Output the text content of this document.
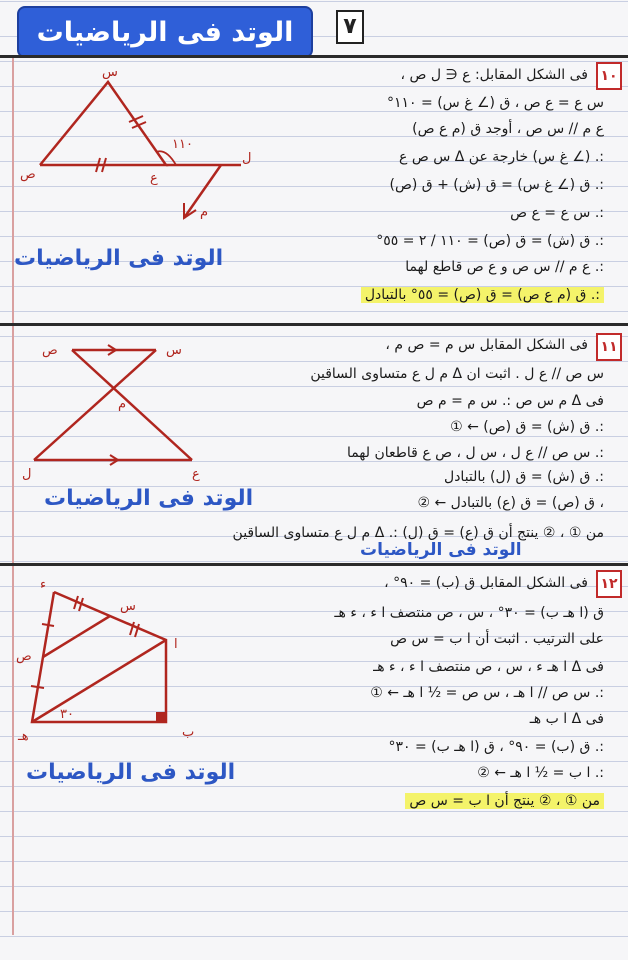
الوتد فى الرياضيات	٧
١٠
فى الشكل المقابل: ع ∈ ل ص ،
س ع = ع ص ، ق (∠ غ س) = ١١٠°
ع م // س ص ، أوجد ق (م ع ص)
:. (∠ غ س) خارجة عن Δ س ص ع
:. ق (∠ غ س) = ق (ش) + ق (ص)
:. س ع = ع ص
:. ق (ش) = ق (ص) = ١١٠ / ٢ = ٥٥°
:. ع م // س ص و ع ص قاطع لهما
:. ق (م ع ص) = ق (ص) = ٥٥° بالتبادل
س
ص	ع
ل
م
١١٠
الوتد فى الرياضيات
١١
فى الشكل المقابل س م = ص م ،
س ص // ع ل . اثبت ان Δ م ل ع متساوى الساقين
فى Δ م س ص :. س م = م ص
:. ق (ش) = ق (ص) ← ①
:. س ص // ع ل ، س ل ، ص ع قاطعان لهما
:. ق (ش) = ق (ل) بالتبادل
، ق (ص) = ق (ع) بالتبادل ← ②
من ① ، ② ينتج أن ق (ع) = ق (ل) :. Δ م ل ع متساوى الساقين
ص	س
م
ل	ع
الوتد فى الرياضيات
الوتد فى الرياضيات
١٢
فى الشكل المقابل ق (ب) = ٩٠° ،
ق (ا هـ ب) = ٣٠° ، س ، ص منتصف ا ء ، ء هـ
على الترتيب . اثبت أن ا ب = س ص
فى Δ ا هـ ء ، س ، ص منتصف ا ء ، ء هـ
:. س ص // ا هـ ، س ص = ½ ا هـ ← ①
فى Δ ا ب هـ
:. ق (ب) = ٩٠° ، ق (ا هـ ب) = ٣٠°
:. ا ب = ½ ا هـ ← ②
من ① ، ② ينتج أن ا ب = س ص
ء
س
ص
ا
هـ	ب
٣٠
الوتد فى الرياضيات
